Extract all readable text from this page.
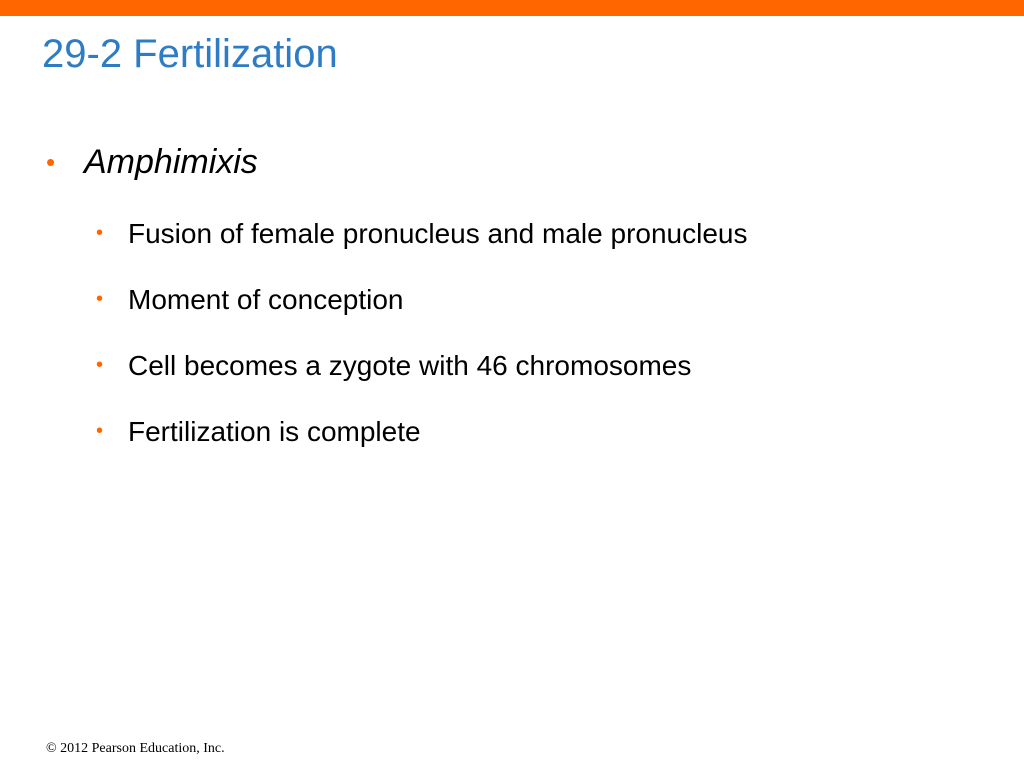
29-2 Fertilization
• Amphimixis
• Fusion of female pronucleus and male pronucleus
• Moment of conception
• Cell becomes a zygote with 46 chromosomes
• Fertilization is complete
© 2012 Pearson Education, Inc.
